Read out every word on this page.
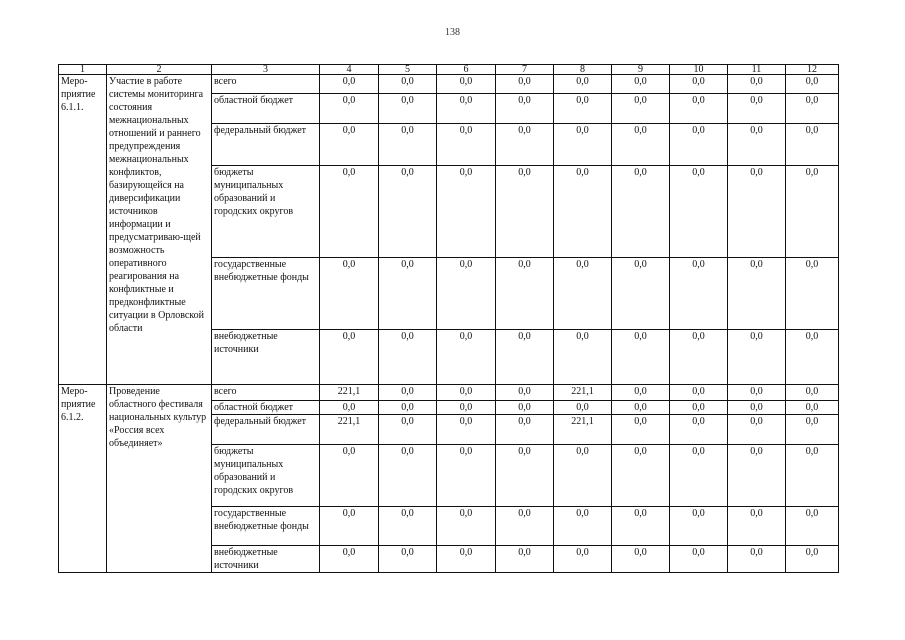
138
1	2	3	4	5	6	7	8	9	10	11	12
Меро-приятие 6.1.1.	Участие в работе системы мониторинга состояния межнациональных отношений и раннего предупреждения межнациональных конфликтов, базирующейся на диверсификации источников информации и предусматриваю-щей возможность оперативного реагирования на конфликтные и предконфликтные ситуации в Орловской области	всего	0,0	0,0	0,0	0,0	0,0	0,0	0,0	0,0	0,0
		областной бюджет	0,0	0,0	0,0	0,0	0,0	0,0	0,0	0,0	0,0
		федеральный бюджет	0,0	0,0	0,0	0,0	0,0	0,0	0,0	0,0	0,0
		бюджеты муниципальных образований и городских округов	0,0	0,0	0,0	0,0	0,0	0,0	0,0	0,0	0,0
		государственные внебюджетные фонды	0,0	0,0	0,0	0,0	0,0	0,0	0,0	0,0	0,0
		внебюджетные источники	0,0	0,0	0,0	0,0	0,0	0,0	0,0	0,0	0,0
Меро-приятие 6.1.2.	Проведение областного фестиваля национальных культур «Россия всех объединяет»	всего	221,1	0,0	0,0	0,0	221,1	0,0	0,0	0,0	0,0
		областной бюджет	0,0	0,0	0,0	0,0	0,0	0,0	0,0	0,0	0,0
		федеральный бюджет	221,1	0,0	0,0	0,0	221,1	0,0	0,0	0,0	0,0
		бюджеты муниципальных образований и городских округов	0,0	0,0	0,0	0,0	0,0	0,0	0,0	0,0	0,0
		государственные внебюджетные фонды	0,0	0,0	0,0	0,0	0,0	0,0	0,0	0,0	0,0
		внебюджетные источники	0,0	0,0	0,0	0,0	0,0	0,0	0,0	0,0	0,0
